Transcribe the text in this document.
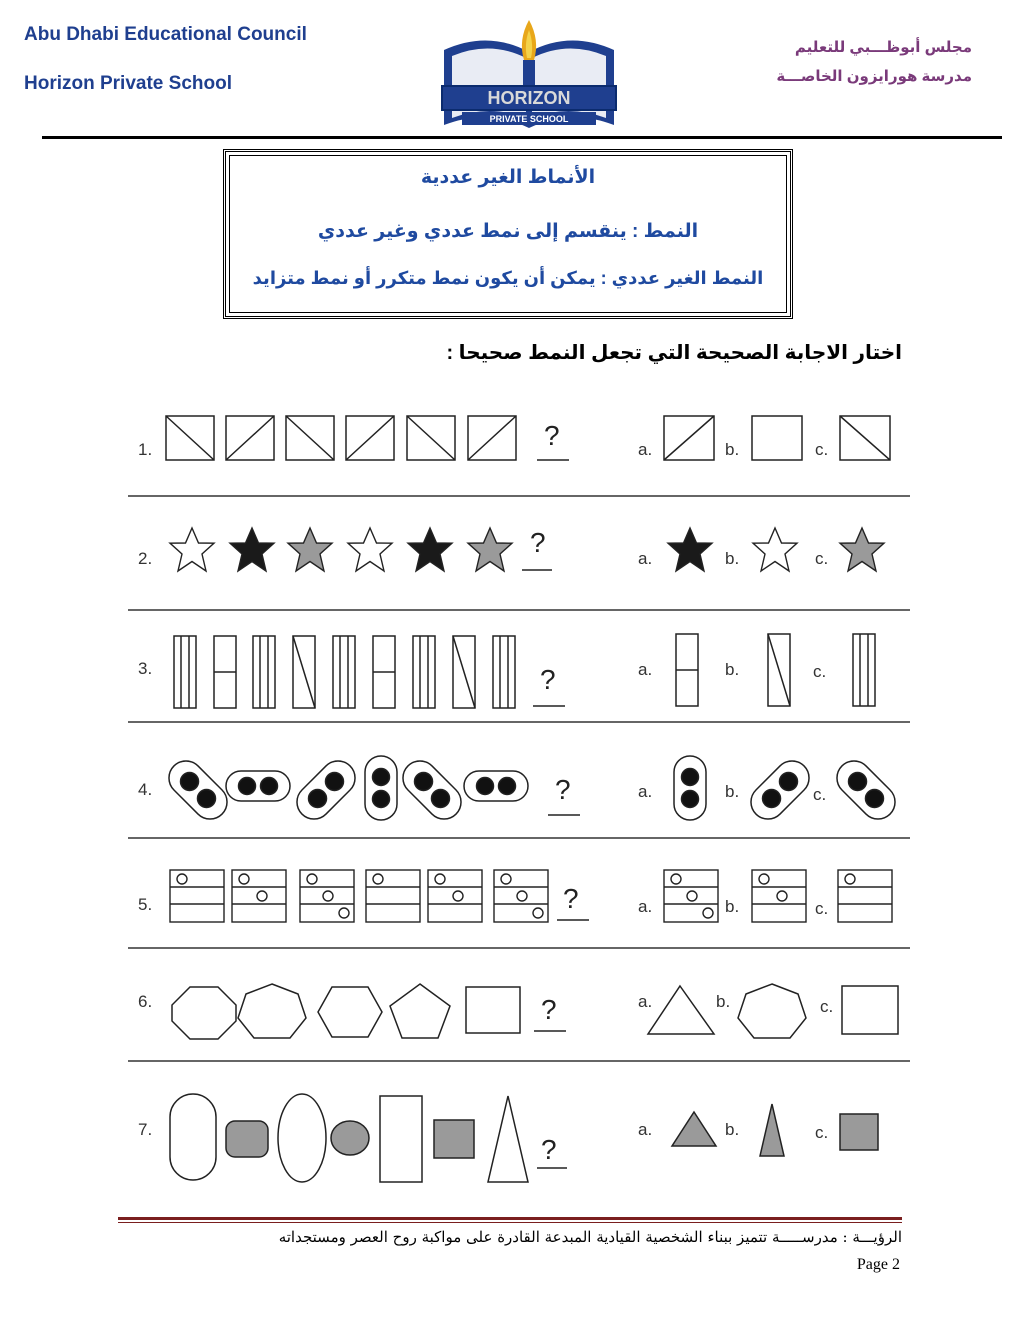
Abu Dhabi Educational Council
Horizon Private School
مجلس أبوظـــبي للتعليم
مدرسة هورايزون الخاصـــة
HORIZON
PRIVATE SCHOOL
الأنماط الغير عددية
النمط : ينقسم إلى نمط عددي وغير عددي
النمط الغير عددي : يمكن أن يكون نمط متكرر أو نمط متزايد
اختار الاجابة الصحيحة التي تجعل النمط صحيحا :
1.
2.
3.
4.
5.
6.
7.
?
?
?
?
?
?
?
a.	b.	c.
a.	b.	c.
a.	b.	c.
a.	b.	c.
a.	b.	c.
a.	b.	c.
a.	b.	c.
الرؤيـــة : مدرســـــة تتميز ببناء الشخصية القيادية المبدعة القادرة على مواكبة روح العصر ومستجداته
Page 2
